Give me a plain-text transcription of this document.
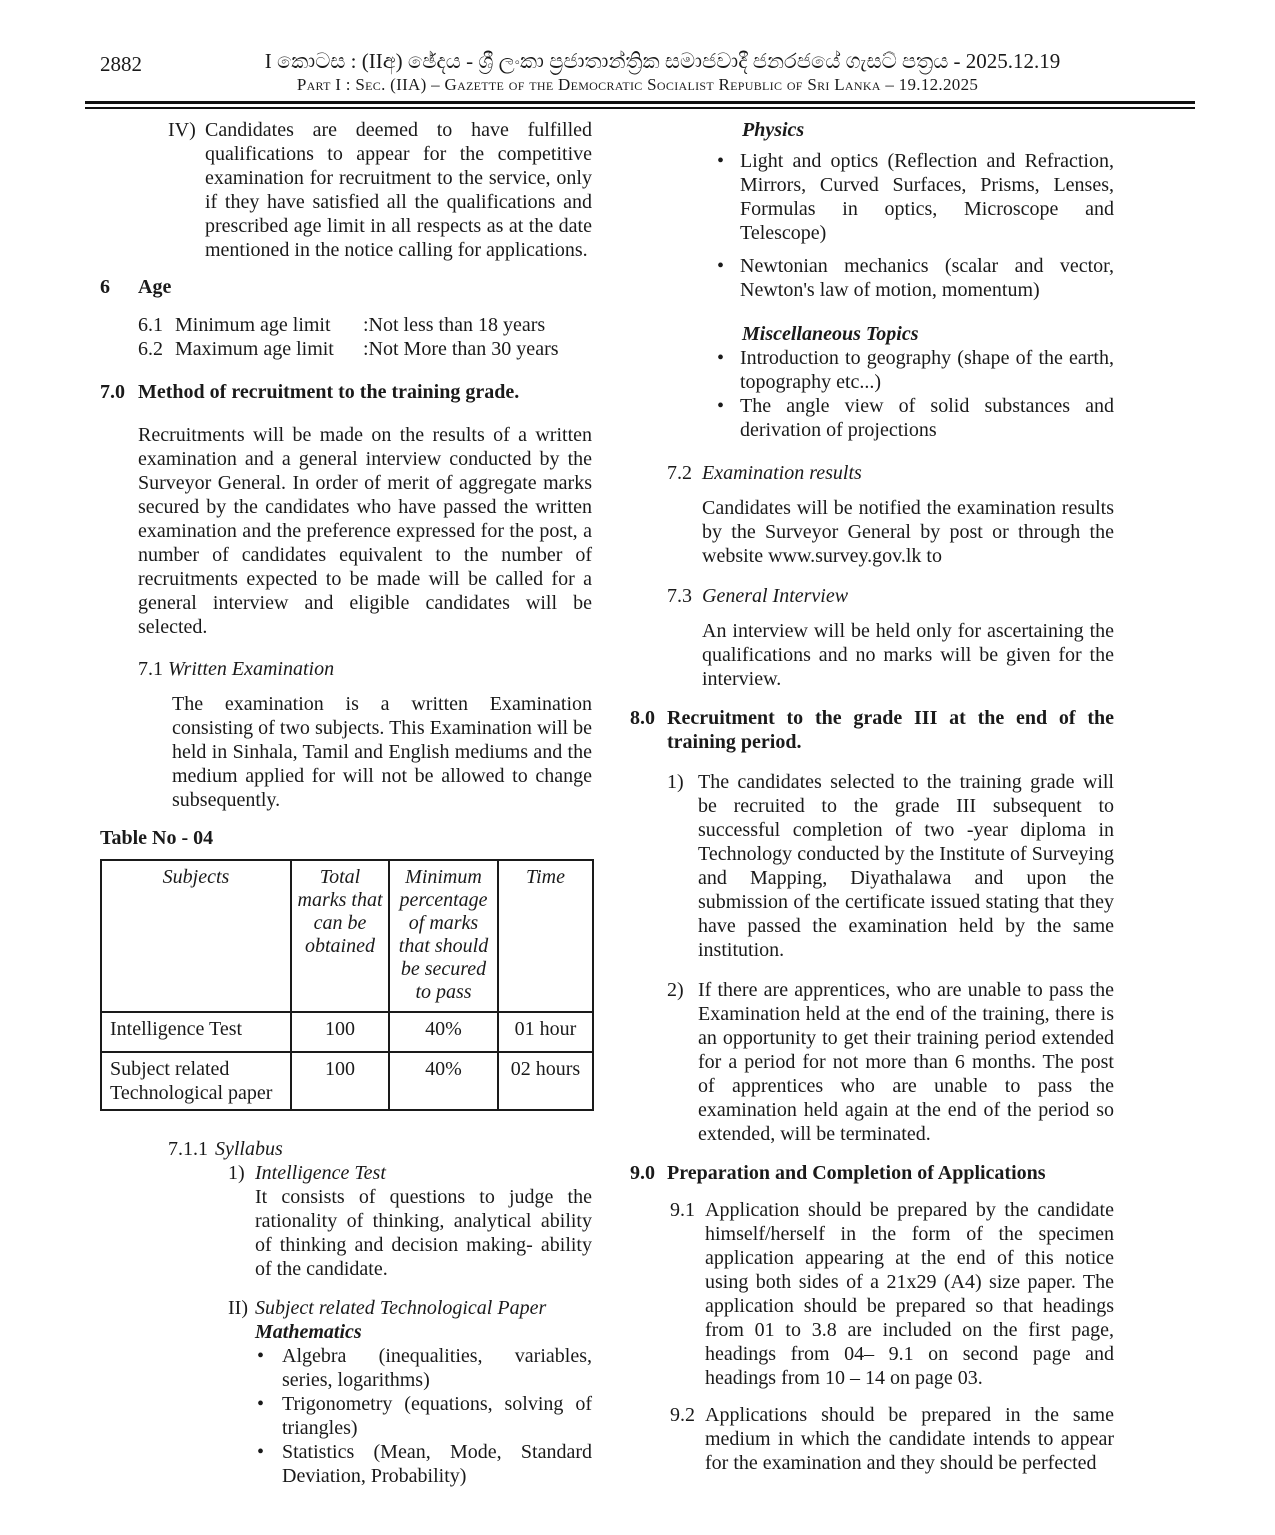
2882	I කොටස : (IIඅ) ඡේදය - ශ්‍රී ලංකා ප්‍රජාතාන්ත්‍රික සමාජවාදී ජනරජයේ ගැසට් පත්‍රය - 2025.12.19
Part I : Sec. (IIA) – Gazette of the Democratic Socialist Republic of Sri Lanka – 19.12.2025
IV) Candidates are deemed to have fulfilled qualifications to appear for the competitive examination for recruitment to the service, only if they have satisfied all the qualifications and prescribed age limit in all respects as at the date mentioned in the notice calling for applications.
6	Age
6.1 Minimum age limit	:Not less than 18 years
6.2 Maximum age limit	:Not More than 30 years
7.0 Method of recruitment to the training grade.
Recruitments will be made on the results of a written examination and a general interview conducted by the Surveyor General. In order of merit of aggregate marks secured by the candidates who have passed the written examination and the preference expressed for the post, a number of candidates equivalent to the number of recruitments expected to be made will be called for a general interview and eligible candidates will be selected.
7.1 Written Examination
The examination is a written Examination consisting of two subjects. This Examination will be held in Sinhala, Tamil and English mediums and the medium applied for will not be allowed to change subsequently.
Table No - 04
Subjects	Total marks that can be obtained	Minimum percentage of marks that should be secured to pass	Time
Intelligence Test	100	40%	01 hour
Subject related Technological paper	100	40%	02 hours
7.1.1 Syllabus
1) Intelligence Test
It consists of questions to judge the rationality of thinking, analytical ability of thinking and decision making- ability of the candidate.
II) Subject related Technological Paper
Mathematics
• Algebra (inequalities, variables, series, logarithms)
• Trigonometry (equations, solving of triangles)
• Statistics (Mean, Mode, Standard Deviation, Probability)
Physics
• Light and optics (Reflection and Refraction, Mirrors, Curved Surfaces, Prisms, Lenses, Formulas in optics, Microscope and Telescope)
• Newtonian mechanics (scalar and vector, Newton's law of motion, momentum)
Miscellaneous Topics
• Introduction to geography (shape of the earth, topography etc...)
• The angle view of solid substances and derivation of projections
7.2 Examination results
Candidates will be notified the examination results by the Surveyor General by post or through the website www.survey.gov.lk to
7.3 General Interview
An interview will be held only for ascertaining the qualifications and no marks will be given for the interview.
8.0 Recruitment to the grade III at the end of the training period.
1) The candidates selected to the training grade will be recruited to the grade III subsequent to successful completion of two -year diploma in Technology conducted by the Institute of Surveying and Mapping, Diyathalawa and upon the submission of the certificate issued stating that they have passed the examination held by the same institution.
2) If there are apprentices, who are unable to pass the Examination held at the end of the training, there is an opportunity to get their training period extended for a period for not more than 6 months. The post of apprentices who are unable to pass the examination held again at the end of the period so extended, will be terminated.
9.0 Preparation and Completion of Applications
9.1 Application should be prepared by the candidate himself/herself in the form of the specimen application appearing at the end of this notice using both sides of a 21x29 (A4) size paper. The application should be prepared so that headings from 01 to 3.8 are included on the first page, headings from 04– 9.1 on second page and headings from 10 – 14 on page 03.
9.2 Applications should be prepared in the same medium in which the candidate intends to appear for the examination and they should be perfected
